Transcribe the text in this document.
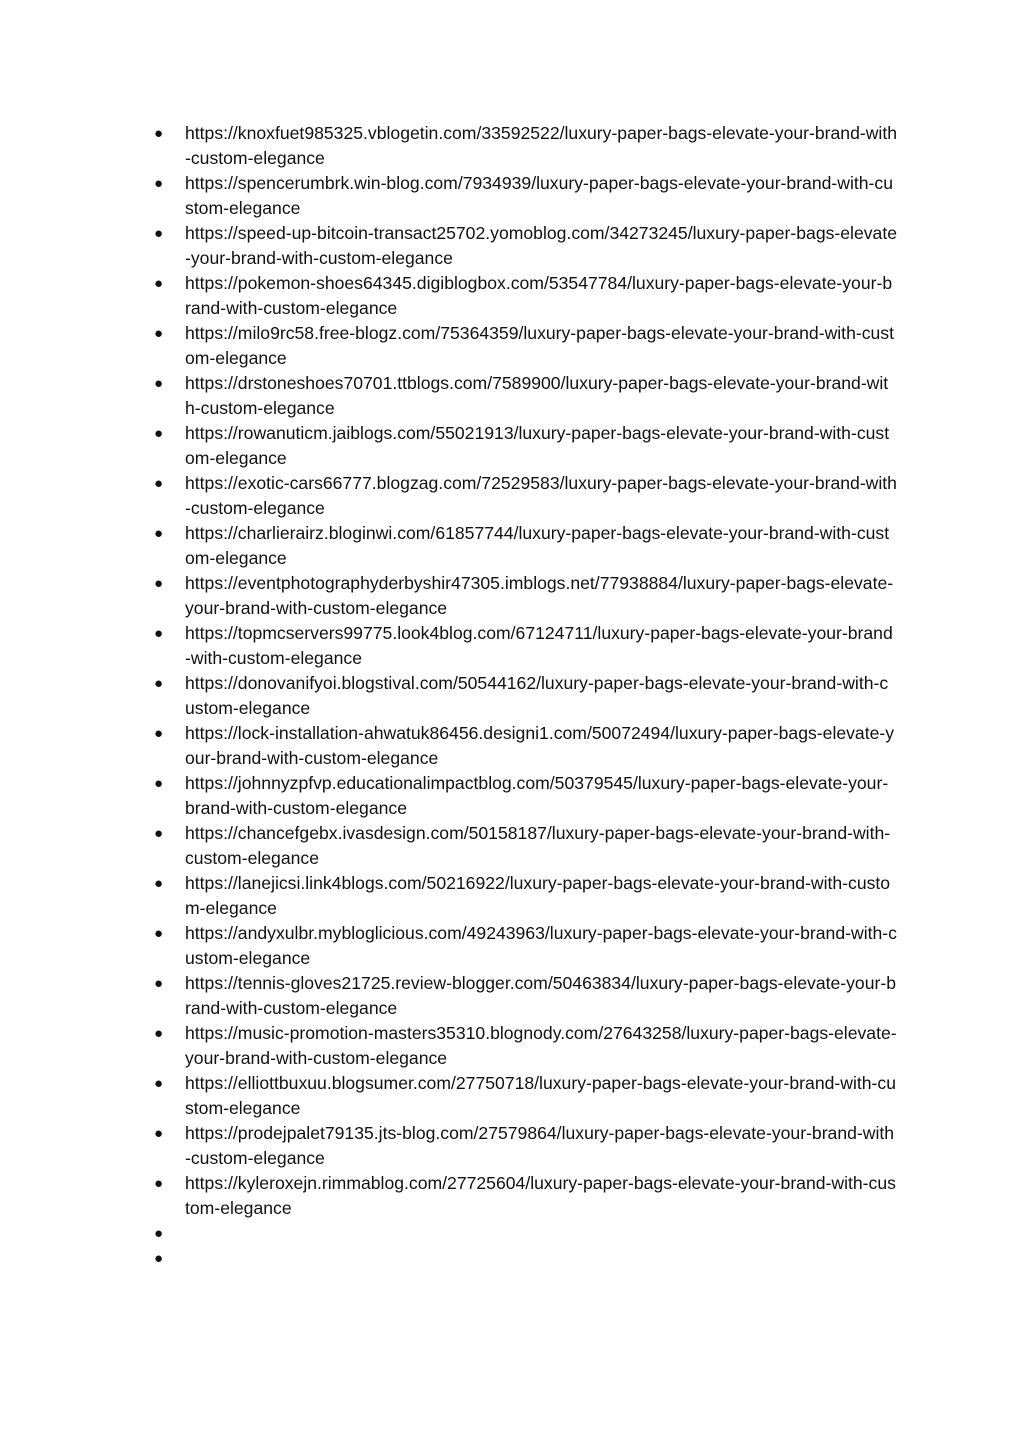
● https://knoxfuet985325.vblogetin.com/33592522/luxury-paper-bags-elevate-your-brand-with-custom-elegance
● https://spencerumbrk.win-blog.com/7934939/luxury-paper-bags-elevate-your-brand-with-custom-elegance
● https://speed-up-bitcoin-transact25702.yomoblog.com/34273245/luxury-paper-bags-elevate-your-brand-with-custom-elegance
● https://pokemon-shoes64345.digiblogbox.com/53547784/luxury-paper-bags-elevate-your-brand-with-custom-elegance
● https://milo9rc58.free-blogz.com/75364359/luxury-paper-bags-elevate-your-brand-with-custom-elegance
● https://drstoneshoes70701.ttblogs.com/7589900/luxury-paper-bags-elevate-your-brand-with-custom-elegance
● https://rowanuticm.jaiblogs.com/55021913/luxury-paper-bags-elevate-your-brand-with-custom-elegance
● https://exotic-cars66777.blogzag.com/72529583/luxury-paper-bags-elevate-your-brand-with-custom-elegance
● https://charlierairz.bloginwi.com/61857744/luxury-paper-bags-elevate-your-brand-with-custom-elegance
● https://eventphotographyderbyshir47305.imblogs.net/77938884/luxury-paper-bags-elevate-your-brand-with-custom-elegance
● https://topmcservers99775.look4blog.com/67124711/luxury-paper-bags-elevate-your-brand-with-custom-elegance
● https://donovanifyoi.blogstival.com/50544162/luxury-paper-bags-elevate-your-brand-with-custom-elegance
● https://lock-installation-ahwatuk86456.designi1.com/50072494/luxury-paper-bags-elevate-your-brand-with-custom-elegance
● https://johnnyzpfvp.educationalimpactblog.com/50379545/luxury-paper-bags-elevate-your-brand-with-custom-elegance
● https://chancefgebx.ivasdesign.com/50158187/luxury-paper-bags-elevate-your-brand-with-custom-elegance
● https://lanejicsi.link4blogs.com/50216922/luxury-paper-bags-elevate-your-brand-with-custom-elegance
● https://andyxulbr.mybloglicious.com/49243963/luxury-paper-bags-elevate-your-brand-with-custom-elegance
● https://tennis-gloves21725.review-blogger.com/50463834/luxury-paper-bags-elevate-your-brand-with-custom-elegance
● https://music-promotion-masters35310.blognody.com/27643258/luxury-paper-bags-elevate-your-brand-with-custom-elegance
● https://elliottbuxuu.blogsumer.com/27750718/luxury-paper-bags-elevate-your-brand-with-custom-elegance
● https://prodejpalet79135.jts-blog.com/27579864/luxury-paper-bags-elevate-your-brand-with-custom-elegance
● https://kyleroxejn.rimmablog.com/27725604/luxury-paper-bags-elevate-your-brand-with-custom-elegance
●
●
